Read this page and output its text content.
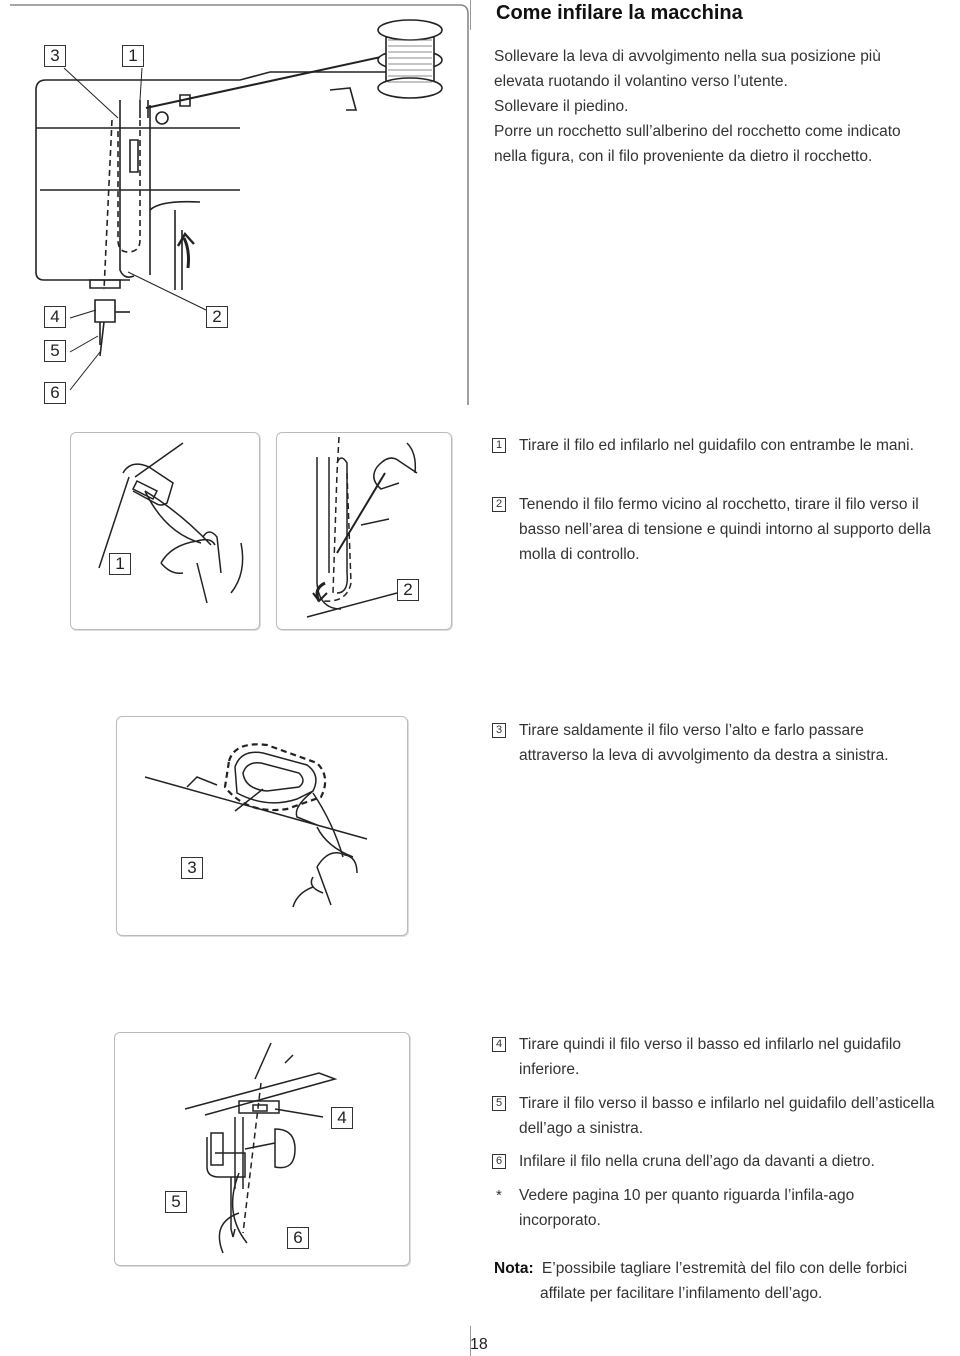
Come infilare la macchina
Sollevare la leva di avvolgimento nella sua posizione più
elevata ruotando il volantino verso l’utente.
Sollevare il piedino.
Porre un rocchetto sull’alberino del rocchetto come indicato
nella figura, con il filo proveniente da dietro il rocchetto.
3	1
4	2
5
6
1 Tirare il filo ed infilarlo nel guidafilo con entrambe le mani.
1
2
2 Tenendo il filo fermo vicino al rocchetto, tirare il filo verso il
basso nell’area di tensione e quindi intorno al supporto della
molla di controllo.
3
3 Tirare saldamente il filo verso l’alto e farlo passare
attraverso la leva di avvolgimento da destra a sinistra.
4
5
6
4 Tirare quindi il filo verso il basso ed infilarlo nel guidafilo
inferiore.
5 Tirare il filo verso il basso e infilarlo nel guidafilo dell’asticella
dell’ago a sinistra.
6 Infilare il filo nella cruna dell’ago da davanti a dietro.
* Vedere pagina 10 per quanto riguarda l’infila-ago
incorporato.
Nota: E’possibile tagliare l’estremità del filo con delle forbici
affilate per facilitare l’infilamento dell’ago.
18
